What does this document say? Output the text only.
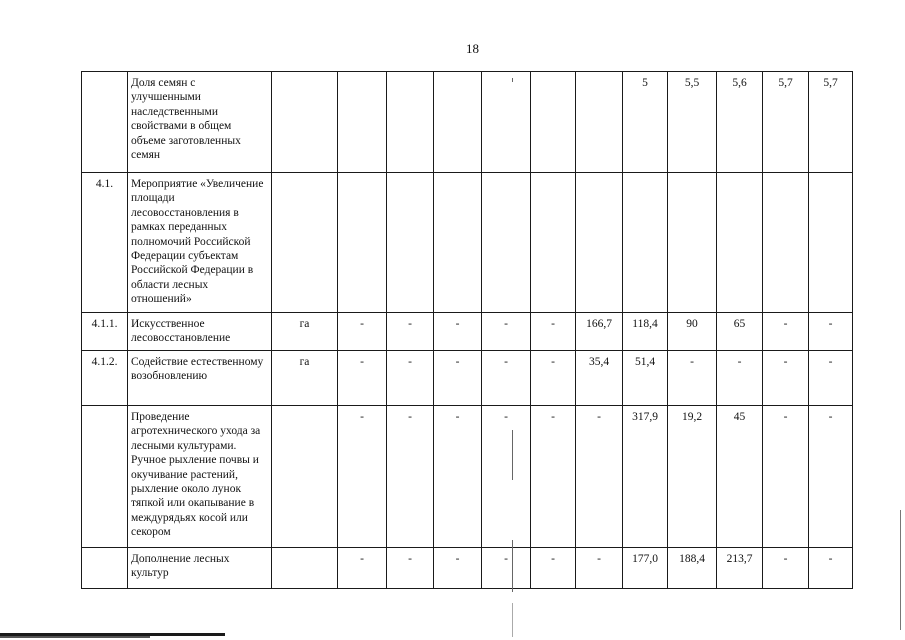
18
	Доля семян с улучшенными наследственными свойствами в общем объеме заготовленных семян								5	5,5	5,6	5,7	5,7
4.1.	Мероприятие «Увеличение площади лесовосстановления в рамках переданных полномочий Российской Федерации субъектам Российской Федерации в области лесных отношений»												
4.1.1.	Искусственное лесовосстановление	га	-	-	-	-	-	166,7	118,4	90	65	-	-
4.1.2.	Содействие естественному возобновлению	га	-	-	-	-	-	35,4	51,4	-	-	-	-
	Проведение агротехнического ухода за лесными культурами. Ручное рыхление почвы и окучивание растений, рыхление около лунок тяпкой или окапывание в междурядьях косой или секором		-	-	-	-	-	-	317,9	19,2	45	-	-
	Дополнение лесных культур		-	-	-	-	-	-	177,0	188,4	213,7	-	-
